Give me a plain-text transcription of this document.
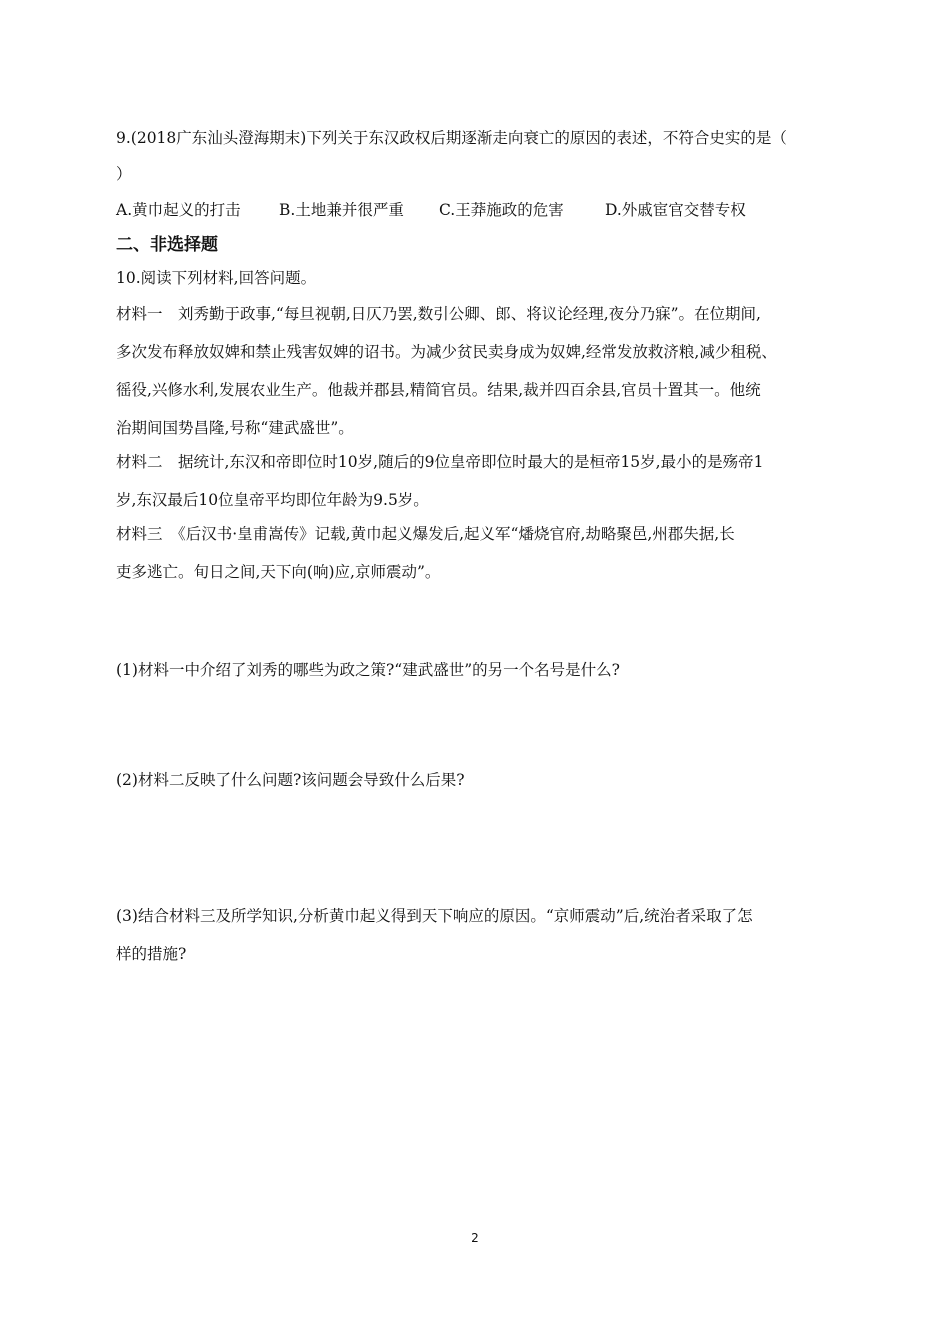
9.(2018广东汕头澄海期末)下列关于东汉政权后期逐渐走向衰亡的原因的表述，不符合史实的是（
）
A.黄巾起义的打击 B.土地兼并很严重 C.王莽施政的危害	D.外戚宦官交替专权
二、非选择题
10.阅读下列材料,回答问题。
材料一　刘秀勤于政事,“每旦视朝,日仄乃罢,数引公卿、郎、将议论经理,夜分乃寐”。在位期间,
多次发布释放奴婢和禁止残害奴婢的诏书。为减少贫民卖身成为奴婢,经常发放救济粮,减少租税、
徭役,兴修水利,发展农业生产。他裁并郡县,精简官员。结果,裁并四百余县,官员十置其一。他统
治期间国势昌隆,号称“建武盛世”。
材料二　据统计,东汉和帝即位时10岁,随后的9位皇帝即位时最大的是桓帝15岁,最小的是殇帝1
岁,东汉最后10位皇帝平均即位年龄为9.5岁。
材料三　《后汉书·皇甫嵩传》记载,黄巾起义爆发后,起义军“燔烧官府,劫略聚邑,州郡失据,长
吏多逃亡。旬日之间,天下向(响)应,京师震动”。
(1)材料一中介绍了刘秀的哪些为政之策?“建武盛世”的另一个名号是什么?
(2)材料二反映了什么问题?该问题会导致什么后果?
(3)结合材料三及所学知识,分析黄巾起义得到天下响应的原因。“京师震动”后,统治者采取了怎
样的措施?
2
